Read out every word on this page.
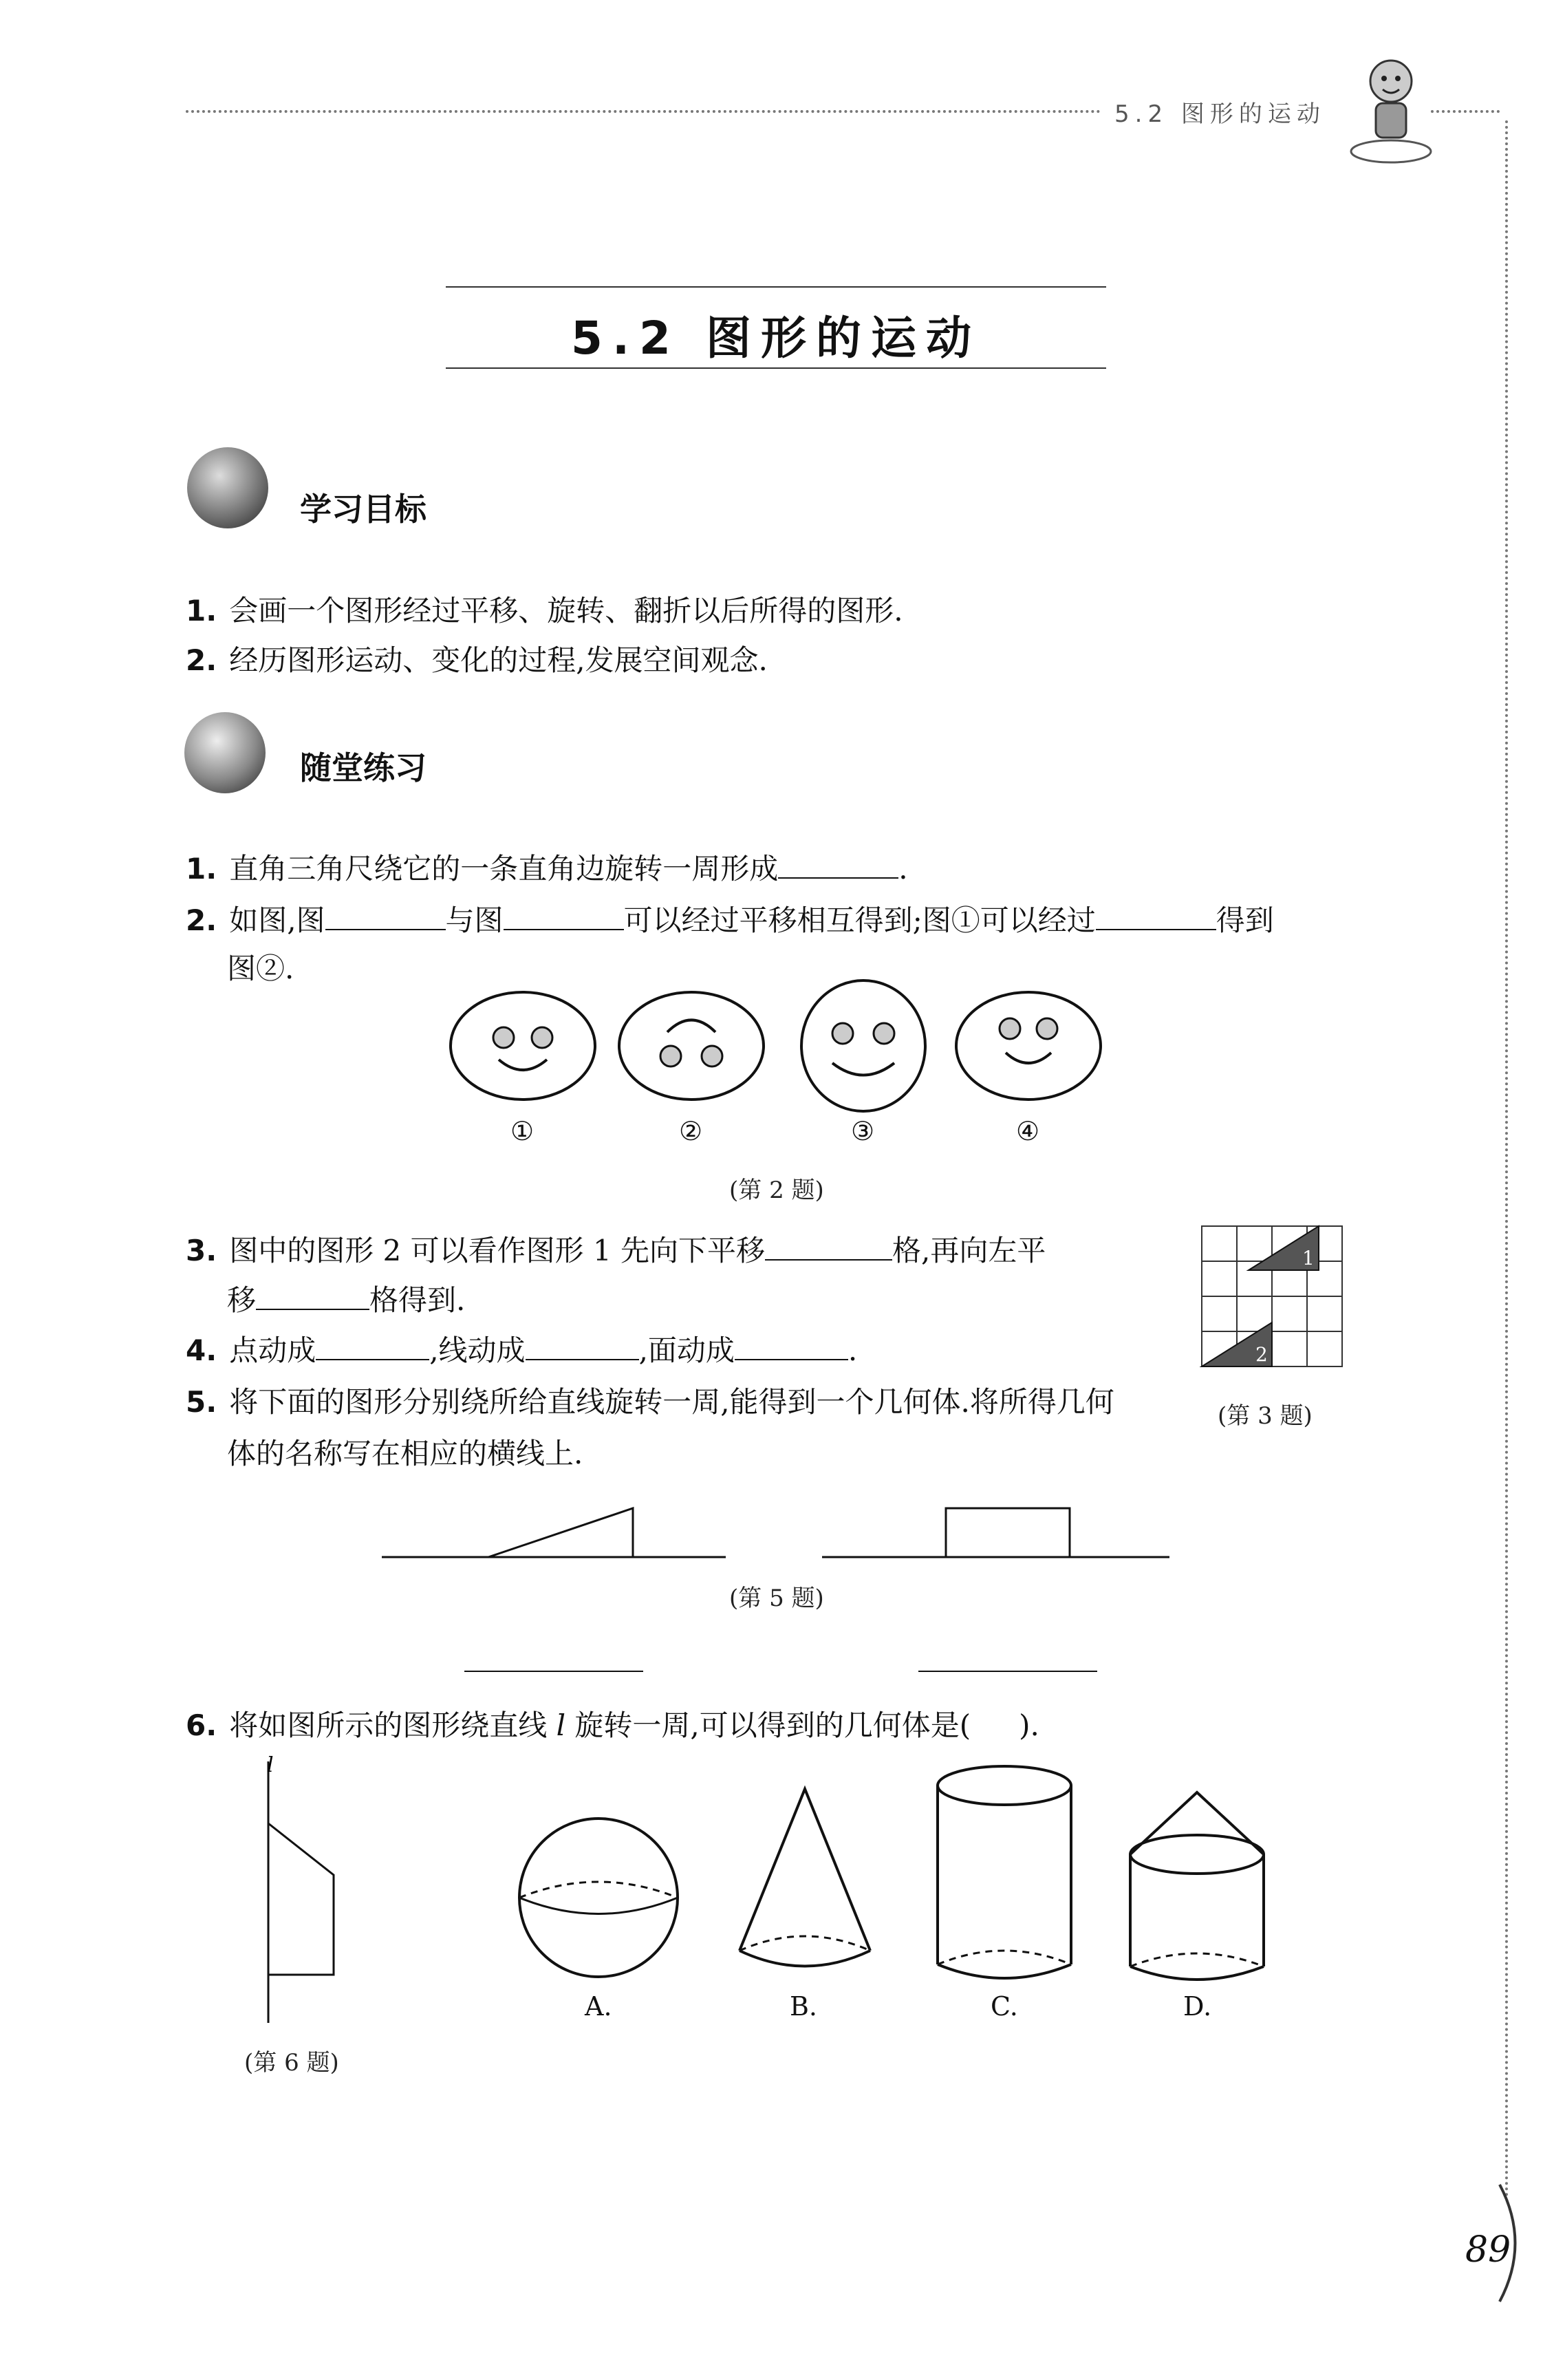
5.2 图形的运动
5.2 图形的运动
学习目标
1. 会画一个图形经过平移、旋转、翻折以后所得的图形.
2. 经历图形运动、变化的过程,发展空间观念.
随堂练习
1. 直角三角尺绕它的一条直角边旋转一周形成	.
2. 如图,图	与图	可以经过平移相互得到;图①可以经过	得到
图②.
①	②	③	④
(第 2 题)
3. 图中的图形 2 可以看作图形 1 先向下平移	格,再向左平
移	格得到.
1
2
(第 3 题)
4. 点动成	,线动成	,面动成	.
5. 将下面的图形分别绕所给直线旋转一周,能得到一个几何体.将所得几何
体的名称写在相应的横线上.
(第 5 题)
6. 将如图所示的图形绕直线 l 旋转一周,可以得到的几何体是( ).
l
(第 6 题)
A.	B.	C.	D.
89
